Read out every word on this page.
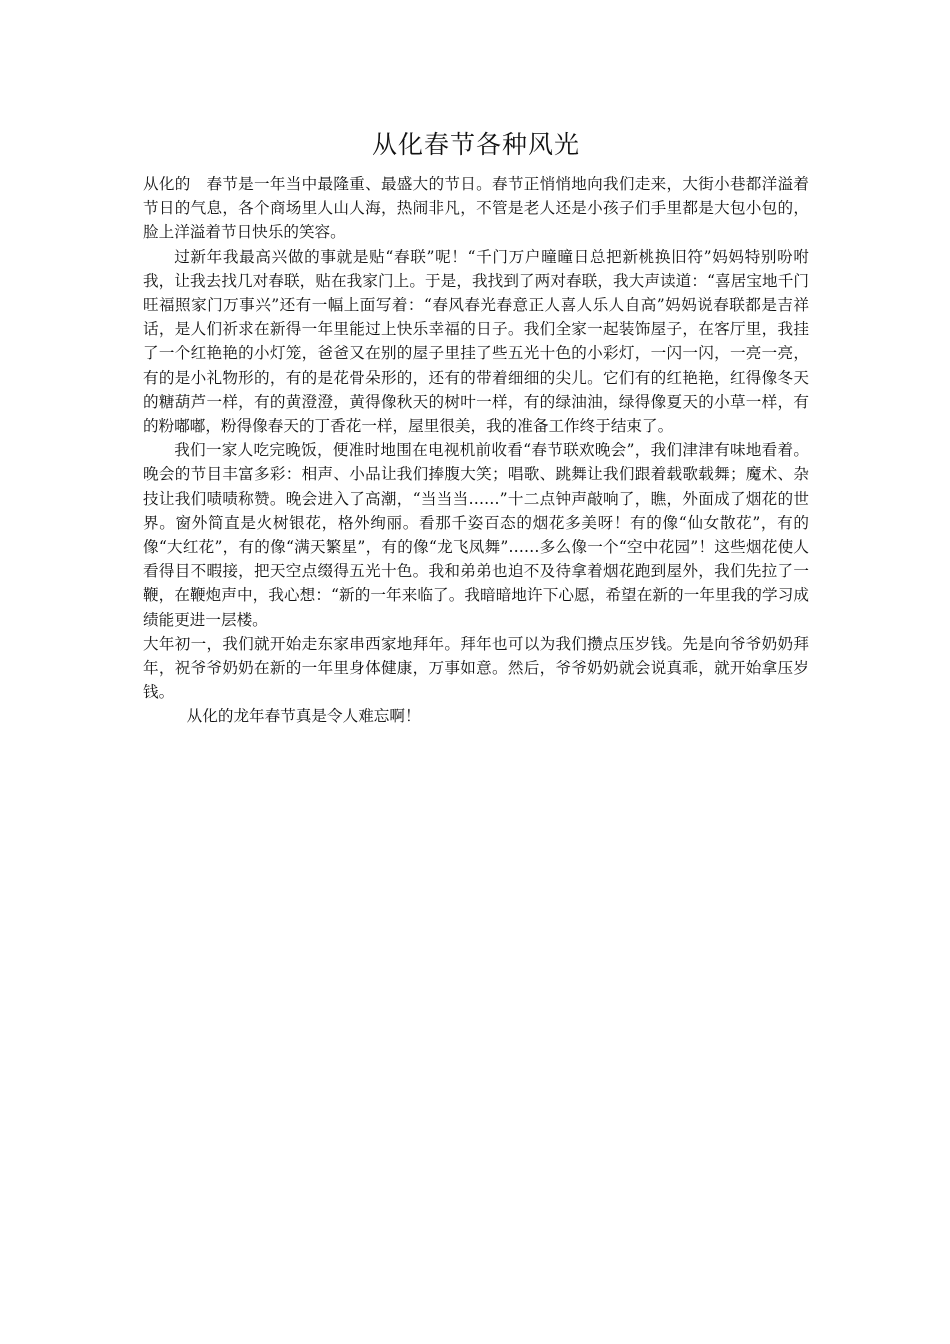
从化春节各种风光

从化的　春节是一年当中最隆重、最盛大的节日。春节正悄悄地向我们走来，大街小巷都洋溢着节日的气息，各个商场里人山人海，热闹非凡，不管是老人还是小孩子们手里都是大包小包的，脸上洋溢着节日快乐的笑容。

过新年我最高兴做的事就是贴“春联”呢！“千门万户曈曈日总把新桃换旧符”妈妈特别吩咐我，让我去找几对春联，贴在我家门上。于是，我找到了两对春联，我大声读道：“喜居宝地千门旺福照家门万事兴”还有一幅上面写着：“春风春光春意正人喜人乐人自高”妈妈说春联都是吉祥话，是人们祈求在新得一年里能过上快乐幸福的日子。我们全家一起装饰屋子，在客厅里，我挂了一个红艳艳的小灯笼，爸爸又在别的屋子里挂了些五光十色的小彩灯，一闪一闪，一亮一亮，有的是小礼物形的，有的是花骨朵形的，还有的带着细细的尖儿。它们有的红艳艳，红得像冬天的糖葫芦一样，有的黄澄澄，黄得像秋天的树叶一样，有的绿油油，绿得像夏天的小草一样，有的粉嘟嘟，粉得像春天的丁香花一样，屋里很美，我的准备工作终于结束了。

我们一家人吃完晚饭，便准时地围在电视机前收看“春节联欢晚会”，我们津津有味地看着。晚会的节目丰富多彩：相声、小品让我们捧腹大笑；唱歌、跳舞让我们跟着载歌载舞；魔术、杂技让我们啧啧称赞。晚会进入了高潮，“当当当……”十二点钟声敲响了，瞧，外面成了烟花的世界。窗外简直是火树银花，格外绚丽。看那千姿百态的烟花多美呀！有的像“仙女散花”，有的像“大红花”，有的像“满天繁星”，有的像“龙飞凤舞”……多么像一个“空中花园”！这些烟花使人看得目不暇接，把天空点缀得五光十色。我和弟弟也迫不及待拿着烟花跑到屋外，我们先拉了一鞭，在鞭炮声中，我心想：“新的一年来临了。我暗暗地许下心愿，希望在新的一年里我的学习成绩能更进一层楼。

大年初一，我们就开始走东家串西家地拜年。拜年也可以为我们攒点压岁钱。先是向爷爷奶奶拜年，祝爷爷奶奶在新的一年里身体健康，万事如意。然后，爷爷奶奶就会说真乖，就开始拿压岁钱。

从化的龙年春节真是令人难忘啊！
